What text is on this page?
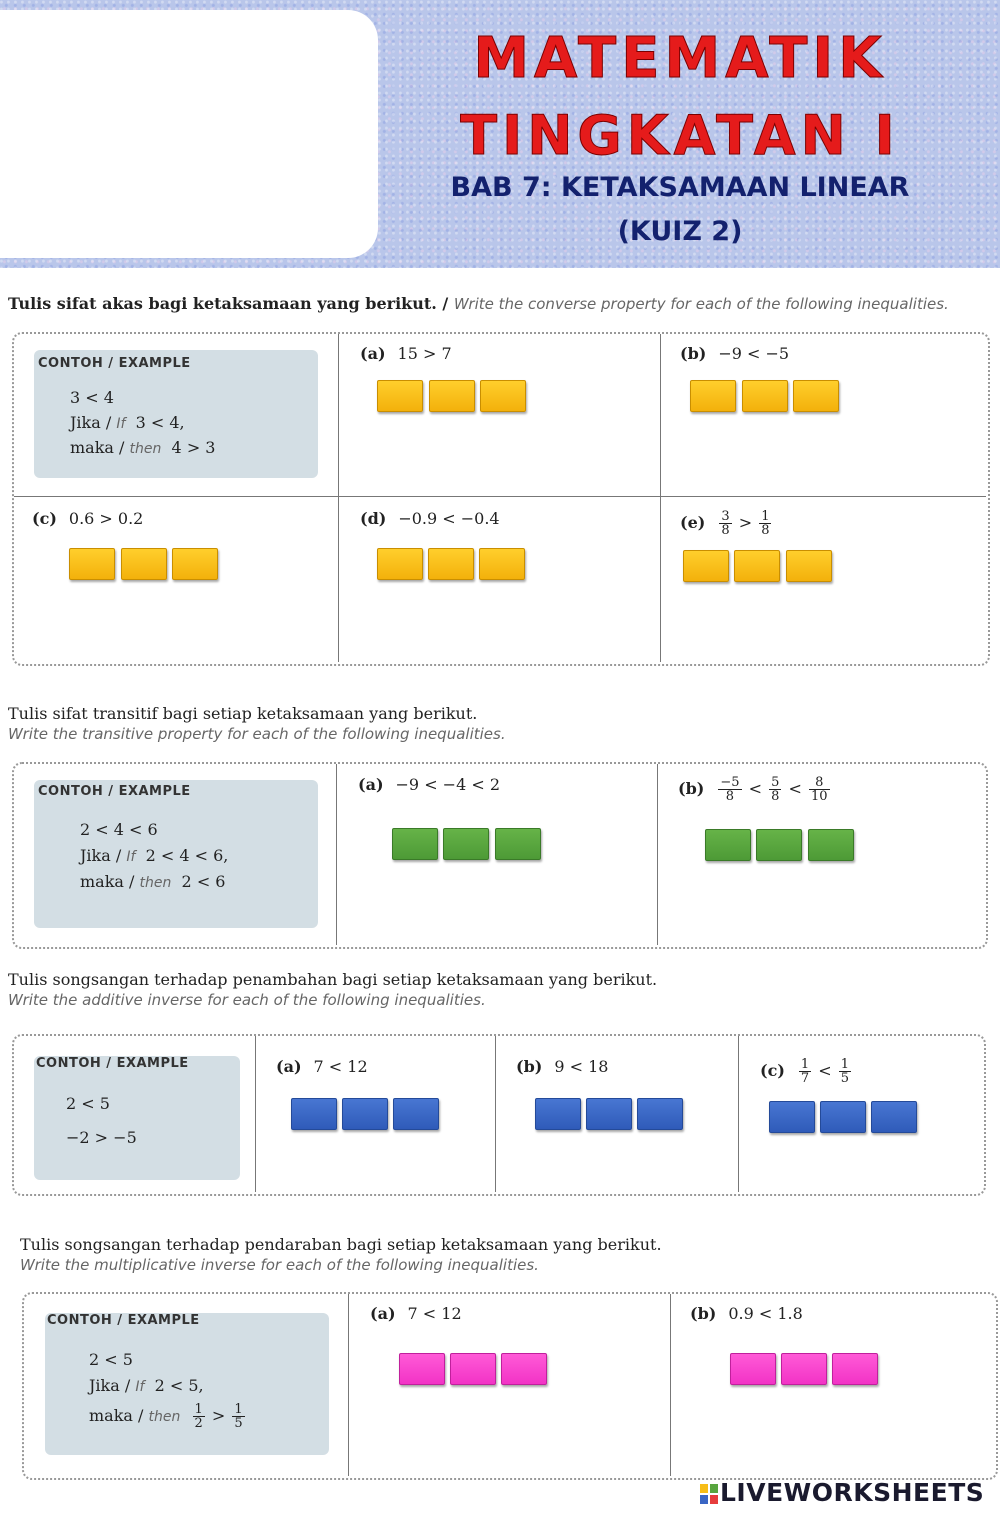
MATEMATIK
TINGKATAN I
BAB 7: KETAKSAMAAN LINEAR
(KUIZ 2)
Tulis sifat akas bagi ketaksamaan yang berikut. / Write the converse property for each of the following inequalities.
CONTOH / EXAMPLE
3 < 4
Jika / If 3 < 4,
maka / then 4 > 3
(a) 15 > 7	(b) −9 < −5
(c) 0.6 > 0.2	(d) −0.9 < −0.4	$(e) \frac{3}{8} > \frac{1}{8}$
Tulis sifat transitif bagi setiap ketaksamaan yang berikut.
Write the transitive property for each of the following inequalities.
CONTOH / EXAMPLE
2 < 4 < 6
Jika / If 2 < 4 < 6,
maka / then 2 < 6
(a) −9 < −4 < 2	$(b) \frac{-5}{8} < \frac{5}{8} < \frac{8}{10}$
Tulis songsangan terhadap penambahan bagi setiap ketaksamaan yang berikut.
Write the additive inverse for each of the following inequalities.
CONTOH / EXAMPLE
2 < 5
−2 > −5
(a) 7 < 12	(b) 9 < 18	$(c) \frac{1}{7} < \frac{1}{5}$
Tulis songsangan terhadap pendaraban bagi setiap ketaksamaan yang berikut.
Write the multiplicative inverse for each of the following inequalities.
CONTOH / EXAMPLE
2 < 5
Jika / If 2 < 5,
maka / then $\frac{1}{2} > \frac{1}{5}$
(a) 7 < 12	(b) 0.9 < 1.8
LIVEWORKSHEETS
